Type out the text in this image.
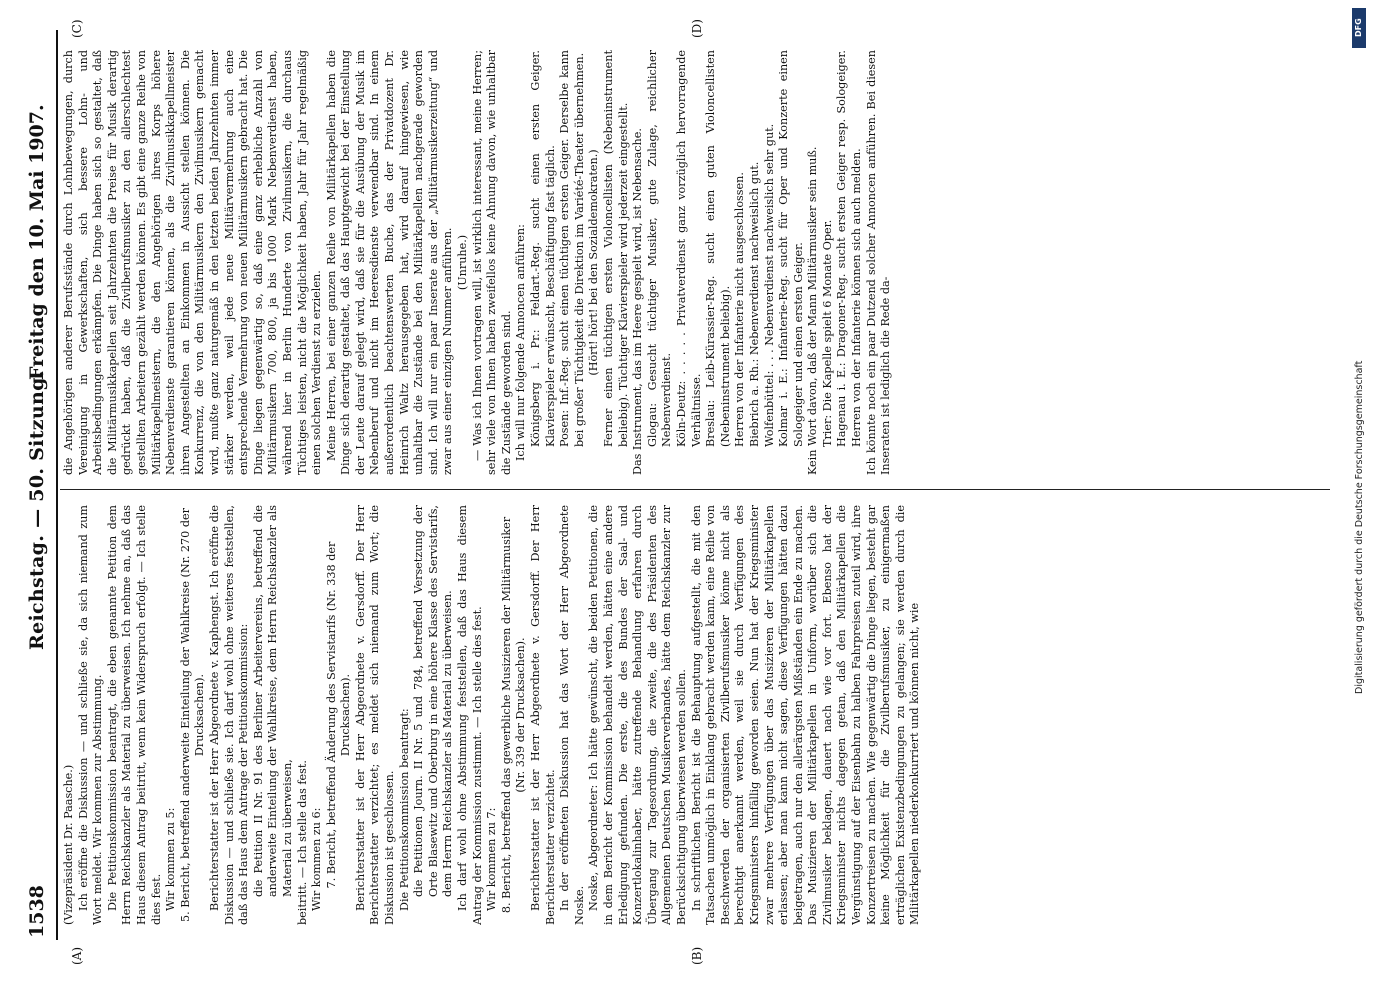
1538
Reichstag. — 50. Sitzung.
Freitag den 10. Mai 1907.
(A)	(B)
(C)	(D)

(Vizepräsident Dr. Paasche.) Ich eröffne die Diskussion — und schließe sie, da sich niemand zum Wort meldet. Wir kommen zur Abstimmung. Die Petitionskommission beantragt, die eben genannte Petition dem Herrn Reichskanzler als Material zu überweisen. Ich nehme an, daß das Haus diesem Antrag beitritt, wenn kein Widerspruch erfolgt. — Ich stelle dies fest. Wir kommen zu 5: 5. Bericht, betreffend anderweite Einteilung der Wahlkreise (Nr. 270 der Drucksachen). Berichterstatter ist der Herr Abgeordnete v. Kaphengst. Ich eröffne die Diskussion — und schließe sie. Ich darf wohl ohne weiteres feststellen, daß das Haus dem Antrage der Petitionskommission: die Petition II Nr. 91 des Berliner Arbeitervereins, betreffend die anderweite Einteilung der Wahlkreise, dem Herrn Reichskanzler als Material zu überweisen, beitritt. — Ich stelle das fest. Wir kommen zu 6: 7. Bericht, betreffend Änderung des Servistarifs (Nr. 338 der Drucksachen). Berichterstatter ist der Herr Abgeordnete v. Gersdorff. Der Herr Berichterstatter verzichtet; es meldet sich niemand zum Wort; die Diskussion ist geschlossen. Die Petitionskommission beantragt: die Petitionen Journ. II Nr. 5 und 784, betreffend Versetzung der Orte Blasewitz und Oberburg in eine höhere Klasse des Servistarifs, dem Herrn Reichskanzler als Material zu überweisen. Ich darf wohl ohne Abstimmung feststellen, daß das Haus diesem Antrag der Kommission zustimmt. — Ich stelle dies fest. Wir kommen zu 7: 8. Bericht, betreffend das gewerbliche Musizieren der Militärmusiker (Nr. 339 der Drucksachen). Berichterstatter ist der Herr Abgeordnete v. Gersdorff. Der Herr Berichterstatter verzichtet. In der eröffneten Diskussion hat das Wort der Herr Abgeordnete Noske. Noske, Abgeordneter: Ich hätte gewünscht, die beiden Petitionen, die in dem Bericht der Kommission behandelt werden, hätten eine andere Erledigung gefunden. Die erste, die des Bundes der Saal- und Konzertlokalinhaber, hätte zutreffende Behandlung erfahren durch Übergang zur Tagesordnung, die zweite, die des Präsidenten des Allgemeinen Deutschen Musikerverbandes, hätte dem Reichskanzler zur Berücksichtigung überwiesen werden sollen. In schriftlichen Bericht ist die Behauptung aufgestellt, die mit den Tatsachen unmöglich in Einklang gebracht werden kann, eine Reihe von Beschwerden der organisierten Zivilberufsmusiker könne nicht als berechtigt anerkannt werden, weil sie durch Verfügungen des Kriegsministers hinfällig geworden seien. Nun hat der Kriegsminister zwar mehrere Verfügungen über das Musizieren der Militärkapellen erlassen; aber man kann nicht sagen, diese Verfügungen hätten dazu beigetragen, auch nur den allerärgsten Mißständen ein Ende zu machen. Das Musizieren der Militärkapellen in Uniform, worüber sich die Zivilmusiker beklagen, dauert nach wie vor fort. Ebenso hat der Kriegsminister nichts dagegen getan, daß den Militärkapellen die Vergünstigung auf der Eisenbahn zu halben Fahrpreisen zuteil wird, ihre Konzertreisen zu machen. Wie gegenwärtig die Dinge liegen, besteht gar keine Möglichkeit für die Zivilberufsmusiker, zu einigermaßen erträglichen Existenzbedingungen zu gelangen; sie werden durch die Militärkapellen niederkonkurriert und können nicht, wie

die Angehörigen anderer Berufsstände durch Lohnbewegungen, durch Vereinigung in Gewerkschaften, sich bessere Lohn- und Arbeitsbedingungen erkämpfen. Die Dinge haben sich so gestaltet, daß die Militärmusikkapellen seit Jahrzehnten die Preise für Musik derartig gedrückt haben, daß die Zivilberufsmusiker zu den allerschlechtest gestellten Arbeitern gezählt werden können. Es gibt eine ganze Reihe von Militärkapellmeistern, die den Angehörigen ihres Korps höhere Nebenverdienste garantieren können, als die Zivilmusikkapellmeister ihren Angestellten an Einkommen in Aussicht stellen können. Die Konkurrenz, die von den Militärmusikern den Zivilmusikern gemacht wird, mußte ganz naturgemäß in den letzten beiden Jahrzehnten immer stärker werden, weil jede neue Militärvermehrung auch eine entsprechende Vermehrung von neuen Militärmusikern gebracht hat. Die Dinge liegen gegenwärtig so, daß eine ganz erhebliche Anzahl von Militärmusikern 700, 800, ja bis 1000 Mark Nebenverdienst haben, während hier in Berlin Hunderte von Zivilmusikern, die durchaus Tüchtiges leisten, nicht die Möglichkeit haben, Jahr für Jahr regelmäßig einen solchen Verdienst zu erzielen. Meine Herren, bei einer ganzen Reihe von Militärkapellen haben die Dinge sich derartig gestaltet, daß das Hauptgewicht bei der Einstellung der Leute darauf gelegt wird, daß sie für die Ausübung der Musik im Nebenberuf und nicht im Heeresdienste verwendbar sind. In einem außerordentlich beachtenswerten Buche, das der Privatdozent Dr. Heinrich Waltz herausgegeben hat, wird darauf hingewiesen, wie unhaltbar die Zustände bei den Militärkapellen nachgerade geworden sind. Ich will nur ein paar Inserate aus der „Militärmusikerzeitung“ und zwar aus einer einzigen Nummer anführen. (Unruhe.) — Was ich Ihnen vortragen will, ist wirklich interessant, meine Herren; sehr viele von Ihnen haben zweifellos keine Ahnung davon, wie unhaltbar die Zustände geworden sind. Ich will nur folgende Annoncen anführen: Königsberg i. Pr.: Feldart.-Reg. sucht einen ersten Geiger. Klavierspieler erwünscht, Beschäftigung fast täglich. Posen: Inf.-Reg. sucht einen tüchtigen ersten Geiger. Derselbe kann bei großer Tüchtigkeit die Direktion im Variété-Theater übernehmen. (Hört! hört! bei den Sozialdemokraten.) Ferner einen tüchtigen ersten Violoncellisten (Nebeninstrument beliebig). Tüchtiger Klavierspieler wird jederzeit eingestellt. Das Instrument, das im Heere gespielt wird, ist Nebensache. Glogau: Gesucht tüchtiger Musiker, gute Zulage, reichlicher Nebenverdienst. Köln-Deutz: . . . . . Privatverdienst ganz vorzüglich hervorragende Verhältnisse. Breslau: Leib-Kürassier-Reg. sucht einen guten Violoncellisten (Nebeninstrument beliebig). Herren von der Infanterie nicht ausgeschlossen. Biebrich a. Rh.: Nebenverdienst nachweislich gut. Wolfenbüttel: . . . Nebenverdienst nachweislich sehr gut. Kolmar i. E.: Infanterie-Reg. sucht für Oper und Konzerte einen Sologeiger und einen ersten Geiger. Kein Wort davon, daß der Mann Militärmusiker sein muß. Trier: Die Kapelle spielt 6 Monate Oper. Hagenau i. E.: Dragoner-Reg. sucht ersten Geiger resp. Sologeiger. Herren von der Infanterie können sich auch melden. Ich könnte noch ein paar Dutzend solcher Annoncen anführen. Bei diesen Inseraten ist lediglich die Rede da-

DFG
Digitalisierung gefördert durch die Deutsche Forschungsgemeinschaft
